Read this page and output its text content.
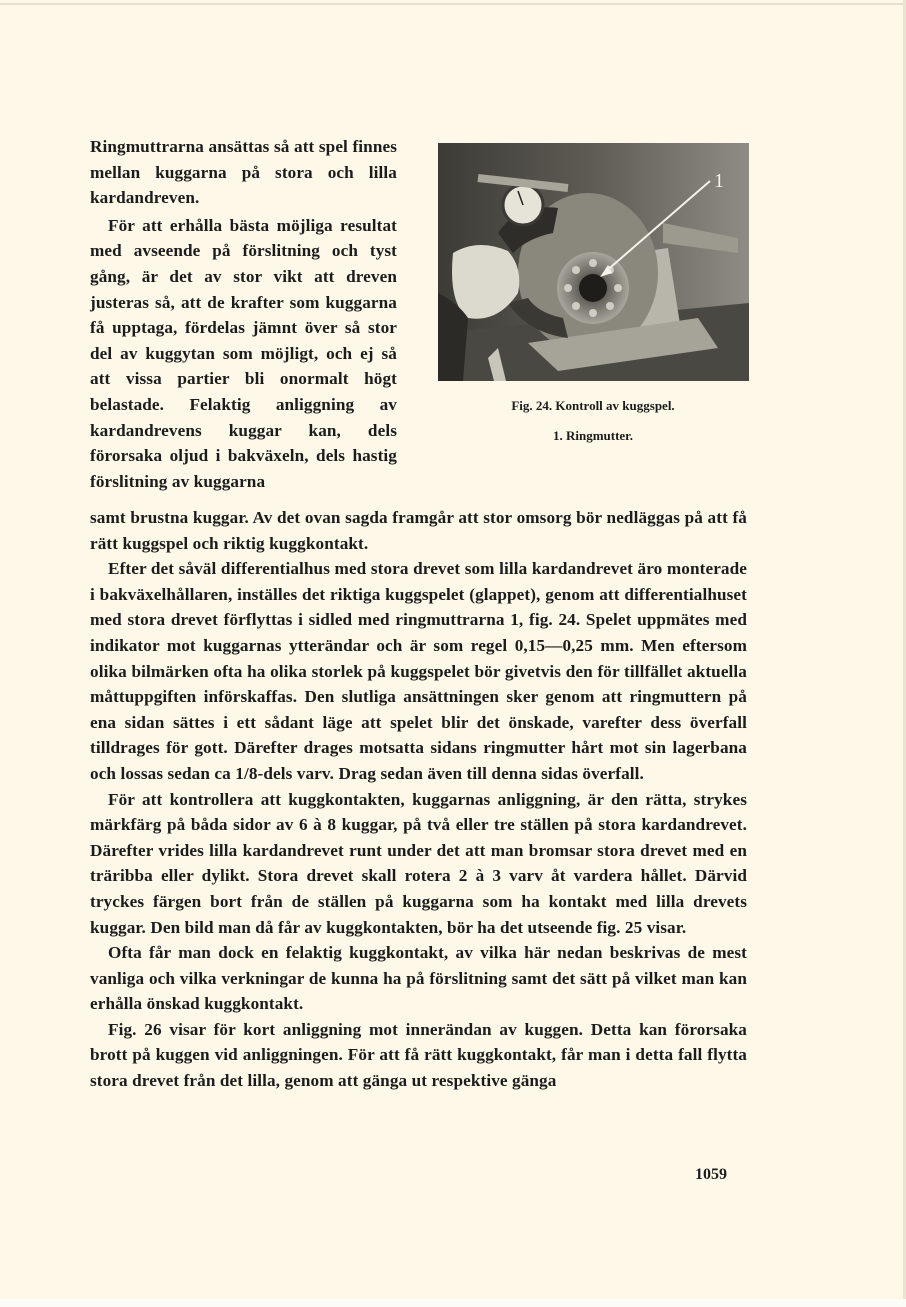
Ringmuttrarna ansättas så att spel finnes mellan kuggarna på stora och lilla kardandreven.

För att erhålla bästa möjliga resultat med avseende på förslitning och tyst gång, är det av stor vikt att dreven justeras så, att de krafter som kuggarna få upptaga, fördelas jämnt över så stor del av kuggytan som möjligt, och ej så att vissa partier bli onormalt högt belastade. Felaktig anliggning av kardandrevens kuggar kan, dels förorsaka oljud i bakväxeln, dels hastig förslitning av kuggarna

1
Fig. 24. Kontroll av kuggspel.
1. Ringmutter.

samt brustna kuggar. Av det ovan sagda framgår att stor omsorg bör nedläggas på att få rätt kuggspel och riktig kuggkontakt.

Efter det såväl differentialhus med stora drevet som lilla kardandrevet äro monterade i bakväxelhållaren, inställes det riktiga kuggspelet (glappet), genom att differentialhuset med stora drevet förflyttas i sidled med ringmuttrarna 1, fig. 24. Spelet uppmätes med indikator mot kuggarnas ytterändar och är som regel 0,15—0,25 mm. Men eftersom olika bilmärken ofta ha olika storlek på kuggspelet bör givetvis den för tillfället aktuella måttuppgiften införskaffas. Den slutliga ansättningen sker genom att ringmuttern på ena sidan sättes i ett sådant läge att spelet blir det önskade, varefter dess överfall tilldrages för gott. Därefter drages motsatta sidans ringmutter hårt mot sin lagerbana och lossas sedan ca 1/8-dels varv. Drag sedan även till denna sidas överfall.

För att kontrollera att kuggkontakten, kuggarnas anliggning, är den rätta, strykes märkfärg på båda sidor av 6 à 8 kuggar, på två eller tre ställen på stora kardandrevet. Därefter vrides lilla kardandrevet runt under det att man bromsar stora drevet med en träribba eller dylikt. Stora drevet skall rotera 2 à 3 varv åt vardera hållet. Därvid tryckes färgen bort från de ställen på kuggarna som ha kontakt med lilla drevets kuggar. Den bild man då får av kuggkontakten, bör ha det utseende fig. 25 visar.

Ofta får man dock en felaktig kuggkontakt, av vilka här nedan beskrivas de mest vanliga och vilka verkningar de kunna ha på förslitning samt det sätt på vilket man kan erhålla önskad kuggkontakt.

Fig. 26 visar för kort anliggning mot innerändan av kuggen. Detta kan förorsaka brott på kuggen vid anliggningen. För att få rätt kuggkontakt, får man i detta fall flytta stora drevet från det lilla, genom att gänga ut respektive gänga

1059
